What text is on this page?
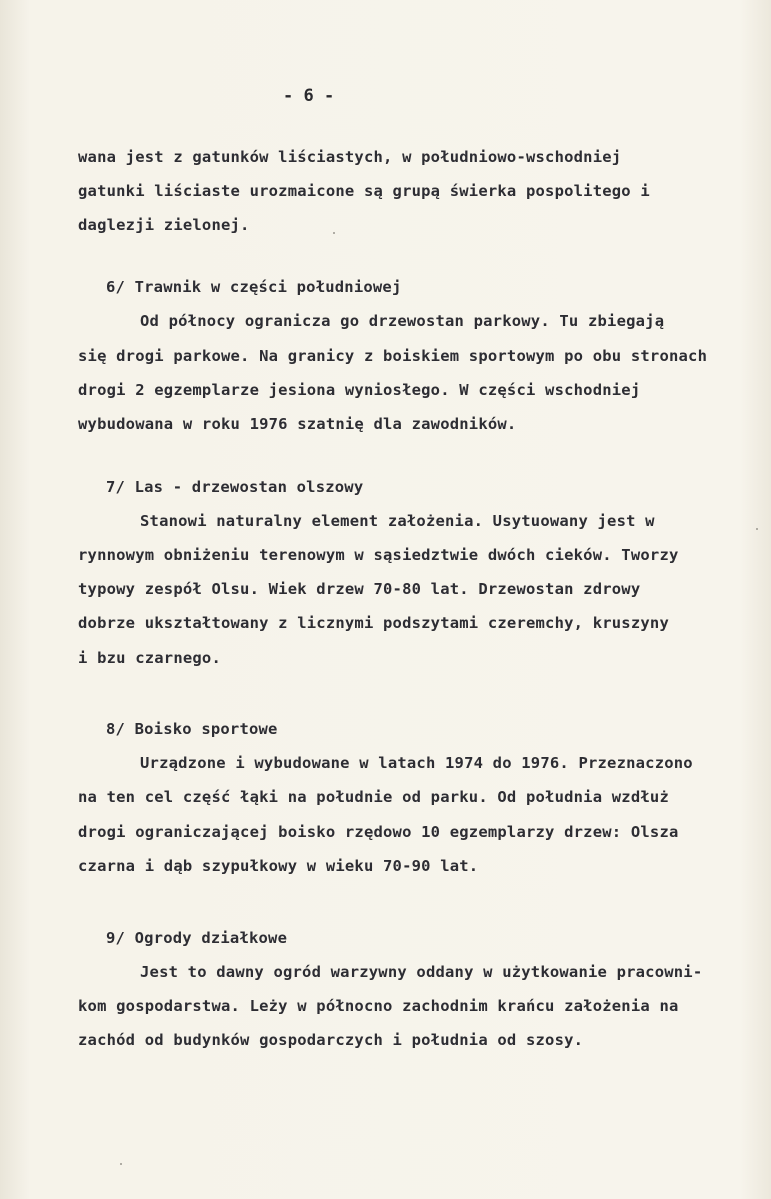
- 6 -
wana jest z gatunków liściastych, w południowo-wschodniej
gatunki liściaste urozmaicone są grupą świerka pospolitego i
daglezji zielonej.
6/ Trawnik w części południowej
Od północy ogranicza go drzewostan parkowy. Tu zbiegają
się drogi parkowe. Na granicy z boiskiem sportowym po obu stronach
drogi 2 egzemplarze jesiona wyniosłego. W części wschodniej
wybudowana w roku 1976 szatnię dla zawodników.
7/ Las - drzewostan olszowy
Stanowi naturalny element założenia. Usytuowany jest w
rynnowym obniżeniu terenowym w sąsiedztwie dwóch cieków. Tworzy
typowy zespół Olsu. Wiek drzew 70-80 lat. Drzewostan zdrowy
dobrze ukształtowany z licznymi podszytami czeremchy, kruszyny
i bzu czarnego.
8/ Boisko sportowe
Urządzone i wybudowane w latach 1974 do 1976. Przeznaczono
na ten cel część łąki na południe od parku. Od południa wzdłuż
drogi ograniczającej boisko rzędowo 10 egzemplarzy drzew: Olsza
czarna i dąb szypułkowy w wieku 70-90 lat.
9/ Ogrody działkowe
Jest to dawny ogród warzywny oddany w użytkowanie pracowni-
kom gospodarstwa. Leży w północno zachodnim krańcu założenia na
zachód od budynków gospodarczych i południa od szosy.
